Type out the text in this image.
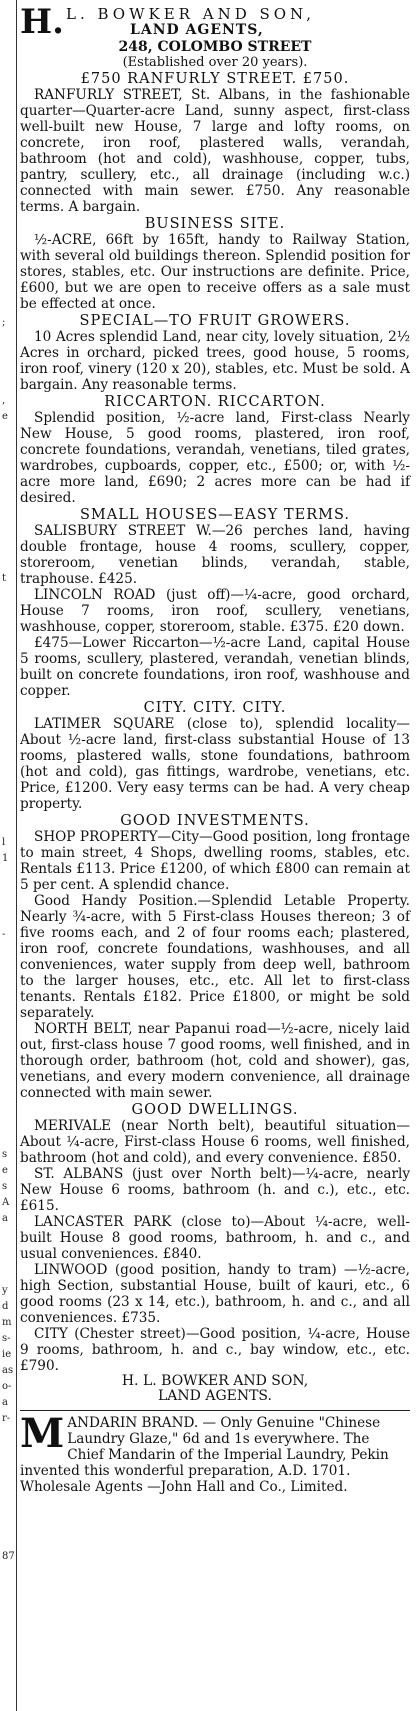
;
,
e
t
l
1
-
s
e
s
A
a
y
d
m
s-
ie
as
o-
a
r-
87
H. L. BOWKER AND SON,
LAND AGENTS,
248, COLOMBO STREET
(Established over 20 years).
£750 RANFURLY STREET. £750.

RANFURLY STREET, St. Albans, in the fashionable quarter—Quarter-acre Land, sunny aspect, first-class well-built new House, 7 large and lofty rooms, on concrete, iron roof, plastered walls, verandah, bathroom (hot and cold), washhouse, copper, tubs, pantry, scullery, etc., all drainage (including w.c.) connected with main sewer. £750. Any reasonable terms. A bargain.

BUSINESS SITE.

½-ACRE, 66ft by 165ft, handy to Railway Station, with several old buildings thereon. Splendid position for stores, stables, etc. Our instructions are definite. Price, £600, but we are open to receive offers as a sale must be effected at once.

SPECIAL—TO FRUIT GROWERS.

10 Acres splendid Land, near city, lovely situation, 2½ Acres in orchard, picked trees, good house, 5 rooms, iron roof, vinery (120 x 20), stables, etc. Must be sold. A bargain. Any reasonable terms.

RICCARTON. RICCARTON.

Splendid position, ½-acre land, First-class Nearly New House, 5 good rooms, plastered, iron roof, concrete foundations, verandah, venetians, tiled grates, wardrobes, cupboards, copper, etc., £500; or, with ½-acre more land, £690; 2 acres more can be had if desired.

SMALL HOUSES—EASY TERMS.

SALISBURY STREET W.—26 perches land, having double frontage, house 4 rooms, scullery, copper, storeroom, venetian blinds, verandah, stable, traphouse. £425.

LINCOLN ROAD (just off)—¼-acre, good orchard, House 7 rooms, iron roof, scullery, venetians, washhouse, copper, storeroom, stable. £375. £20 down.

£475—Lower Riccarton—½-acre Land, capital House 5 rooms, scullery, plastered, verandah, venetian blinds, built on concrete foundations, iron roof, washhouse and copper.

CITY. CITY. CITY.

LATIMER SQUARE (close to), splendid locality—About ½-acre land, first-class substantial House of 13 rooms, plastered walls, stone foundations, bathroom (hot and cold), gas fittings, wardrobe, venetians, etc. Price, £1200. Very easy terms can be had. A very cheap property.

GOOD INVESTMENTS.

SHOP PROPERTY—City—Good position, long frontage to main street, 4 Shops, dwelling rooms, stables, etc. Rentals £113. Price £1200, of which £800 can remain at 5 per cent. A splendid chance.

Good Handy Position.—Splendid Letable Property. Nearly ¾-acre, with 5 First-class Houses thereon; 3 of five rooms each, and 2 of four rooms each; plastered, iron roof, concrete foundations, washhouses, and all conveniences, water supply from deep well, bathroom to the larger houses, etc., etc. All let to first-class tenants. Rentals £182. Price £1800, or might be sold separately.

NORTH BELT, near Papanui road—½-acre, nicely laid out, first-class house 7 good rooms, well finished, and in thorough order, bathroom (hot, cold and shower), gas, venetians, and every modern convenience, all drainage connected with main sewer.

GOOD DWELLINGS.

MERIVALE (near North belt), beautiful situation—About ¼-acre, First-class House 6 rooms, well finished, bathroom (hot and cold), and every convenience. £850.

ST. ALBANS (just over North belt)—¼-acre, nearly New House 6 rooms, bathroom (h. and c.), etc., etc. £615.

LANCASTER PARK (close to)—About ¼-acre, well-built House 8 good rooms, bathroom, h. and c., and usual conveniences. £840.

LINWOOD (good position, handy to tram) —½-acre, high Section, substantial House, built of kauri, etc., 6 good rooms (23 x 14, etc.), bathroom, h. and c., and all conveniences. £735.

CITY (Chester street)—Good position, ¼-acre, House 9 rooms, bathroom, h. and c., bay window, etc., etc. £790.

H. L. BOWKER AND SON,
LAND AGENTS.
M ANDARIN BRAND. — Only Genuine "Chinese Laundry Glaze," 6d and 1s everywhere. The Chief Mandarin of the Imperial Laundry, Pekin invented this wonderful preparation, A.D. 1701. Wholesale Agents —John Hall and Co., Limited.
